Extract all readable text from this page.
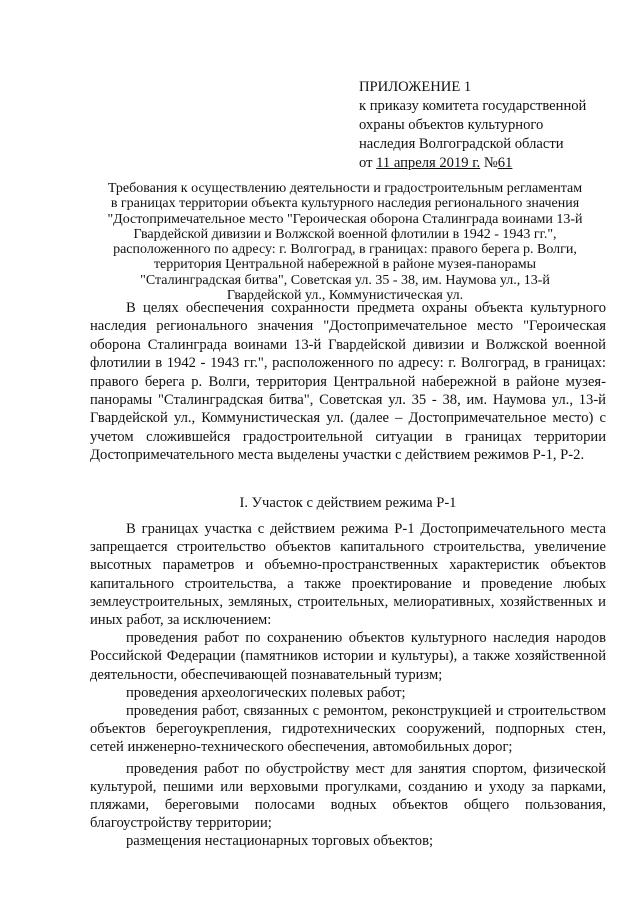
ПРИЛОЖЕНИЕ 1
к приказу комитета государственной
охраны объектов культурного
наследия Волгоградской области
от 11 апреля 2019 г. №61
Требования к осуществлению деятельности и градостроительным регламентам
в границах территории объекта культурного наследия регионального значения
"Достопримечательное место "Героическая оборона Сталинграда воинами 13-й
Гвардейской дивизии и Волжской военной флотилии в 1942 - 1943 гг.",
расположенного по адресу: г. Волгоград, в границах: правого берега р. Волги,
территория Центральной набережной в районе музея-панорамы
"Сталинградская битва", Советская ул. 35 - 38, им. Наумова ул., 13-й
Гвардейской ул., Коммунистическая ул.

В целях обеспечения сохранности предмета охраны объекта культурного наследия регионального значения "Достопримечательное место "Героическая оборона Сталинграда воинами 13-й Гвардейской дивизии и Волжской военной флотилии в 1942 - 1943 гг.", расположенного по адресу: г. Волгоград, в границах: правого берега р. Волги, территория Центральной набережной в районе музея-панорамы "Сталинградская битва", Советская ул. 35 - 38, им. Наумова ул., 13-й Гвардейской ул., Коммунистическая ул. (далее – Достопримечательное место) с учетом сложившейся градостроительной ситуации в границах территории Достопримечательного места выделены участки с действием режимов Р-1, Р-2.

I. Участок с действием режима Р-1

В границах участка с действием режима Р-1 Достопримечательного места запрещается строительство объектов капитального строительства, увеличение высотных параметров и объемно-пространственных характеристик объектов капитального строительства, а также проектирование и проведение любых землеустроительных, земляных, строительных, мелиоративных, хозяйственных и иных работ, за исключением:

проведения работ по сохранению объектов культурного наследия народов Российской Федерации (памятников истории и культуры), а также хозяйственной деятельности, обеспечивающей познавательный туризм;

проведения археологических полевых работ;

проведения работ, связанных с ремонтом, реконструкцией и строительством объектов берегоукрепления, гидротехнических сооружений, подпорных стен, сетей инженерно-технического обеспечения, автомобильных дорог;

проведения работ по обустройству мест для занятия спортом, физической культурой, пешими или верховыми прогулками, созданию и уходу за парками, пляжами, береговыми полосами водных объектов общего пользования, благоустройству территории;

размещения нестационарных торговых объектов;
